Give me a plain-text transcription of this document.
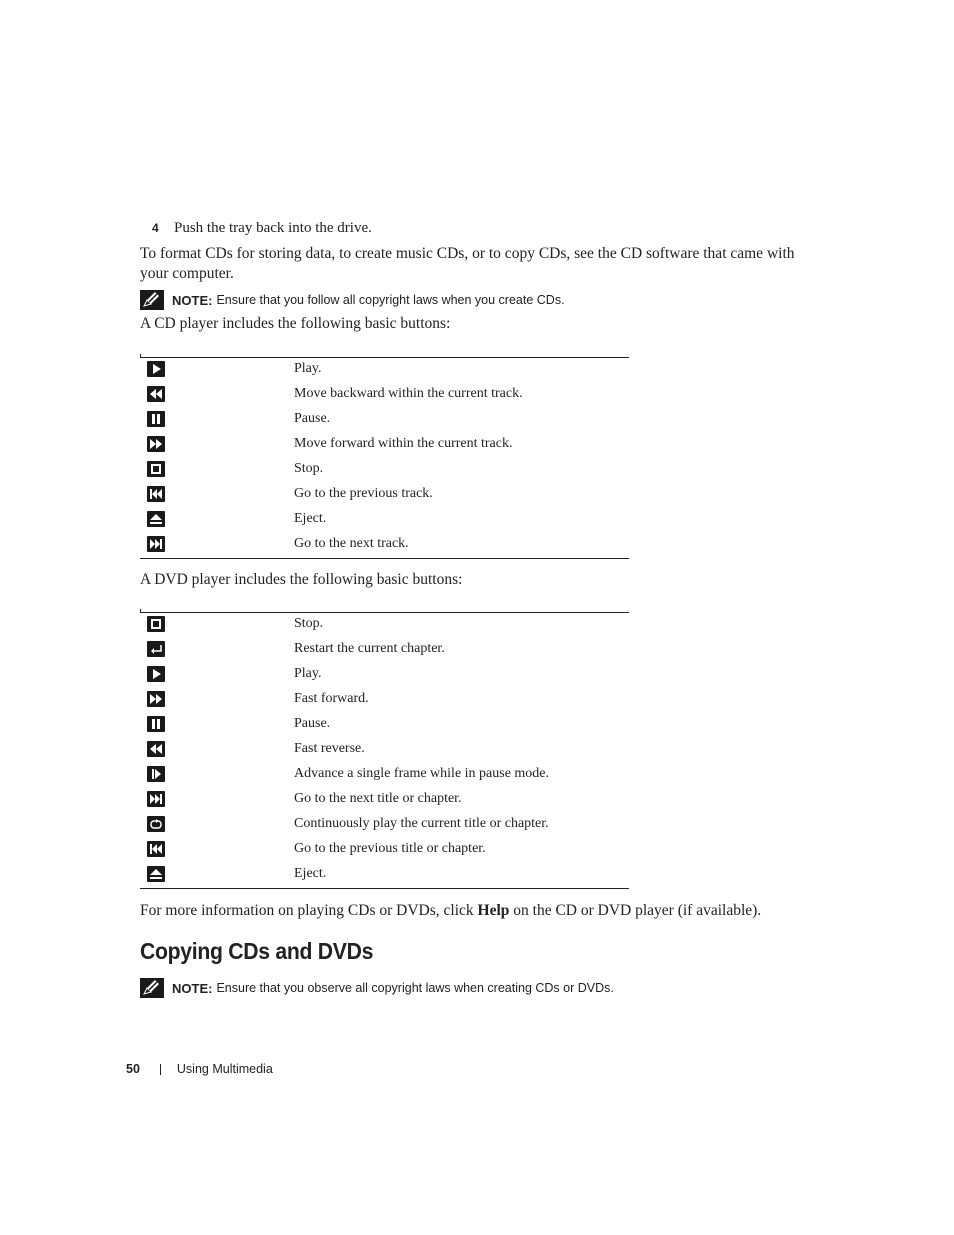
4 Push the tray back into the drive.
To format CDs for storing data, to create music CDs, or to copy CDs, see the CD software that came with your computer.
NOTE: Ensure that you follow all copyright laws when you create CDs.
A CD player includes the following basic buttons:
Play.
Move backward within the current track.
Pause.
Move forward within the current track.
Stop.
Go to the previous track.
Eject.
Go to the next track.
A DVD player includes the following basic buttons:
Stop.
Restart the current chapter.
Play.
Fast forward.
Pause.
Fast reverse.
Advance a single frame while in pause mode.
Go to the next title or chapter.
Continuously play the current title or chapter.
Go to the previous title or chapter.
Eject.
For more information on playing CDs or DVDs, click Help on the CD or DVD player (if available).
Copying CDs and DVDs
NOTE: Ensure that you observe all copyright laws when creating CDs or DVDs.
50	Using Multimedia
